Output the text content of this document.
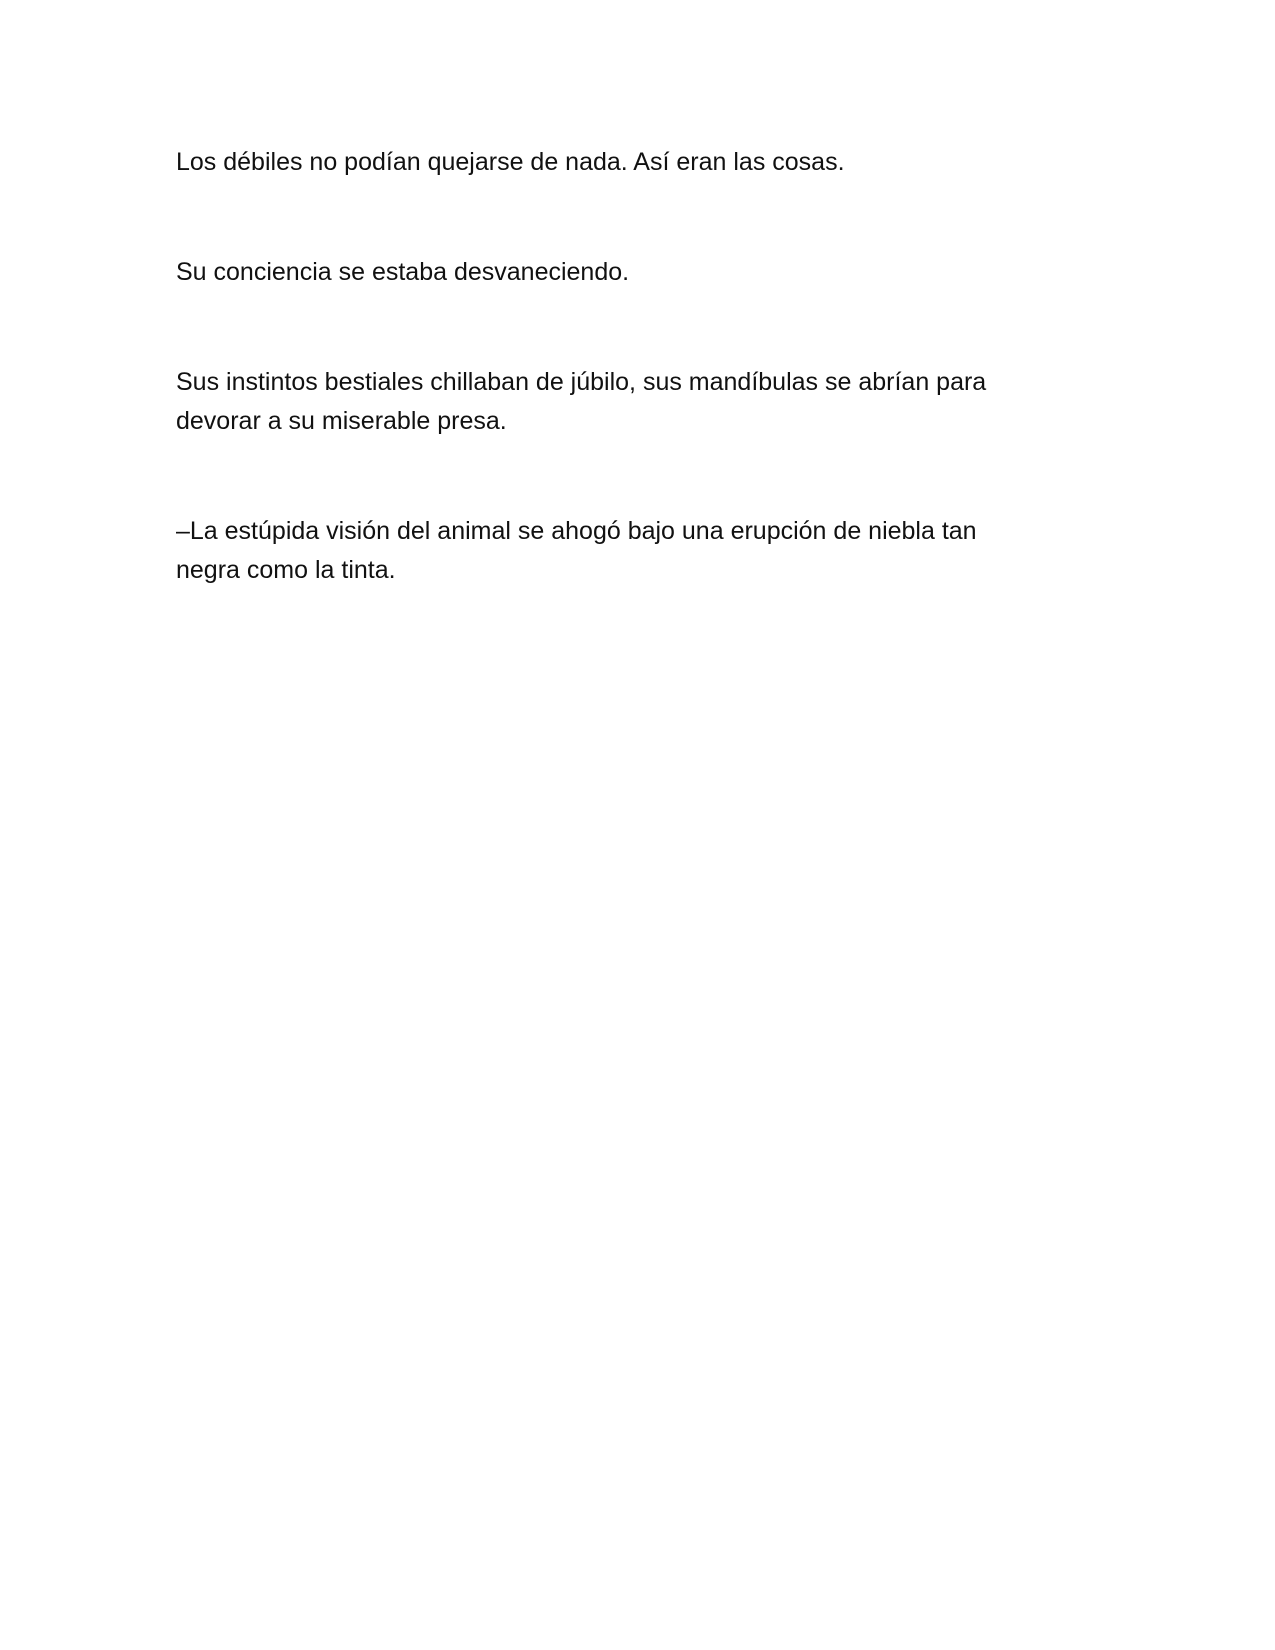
Los débiles no podían quejarse de nada. Así eran las cosas.

Su conciencia se estaba desvaneciendo.

Sus instintos bestiales chillaban de júbilo, sus mandíbulas se abrían para devorar a su miserable presa.

–La estúpida visión del animal se ahogó bajo una erupción de niebla tan negra como la tinta.
